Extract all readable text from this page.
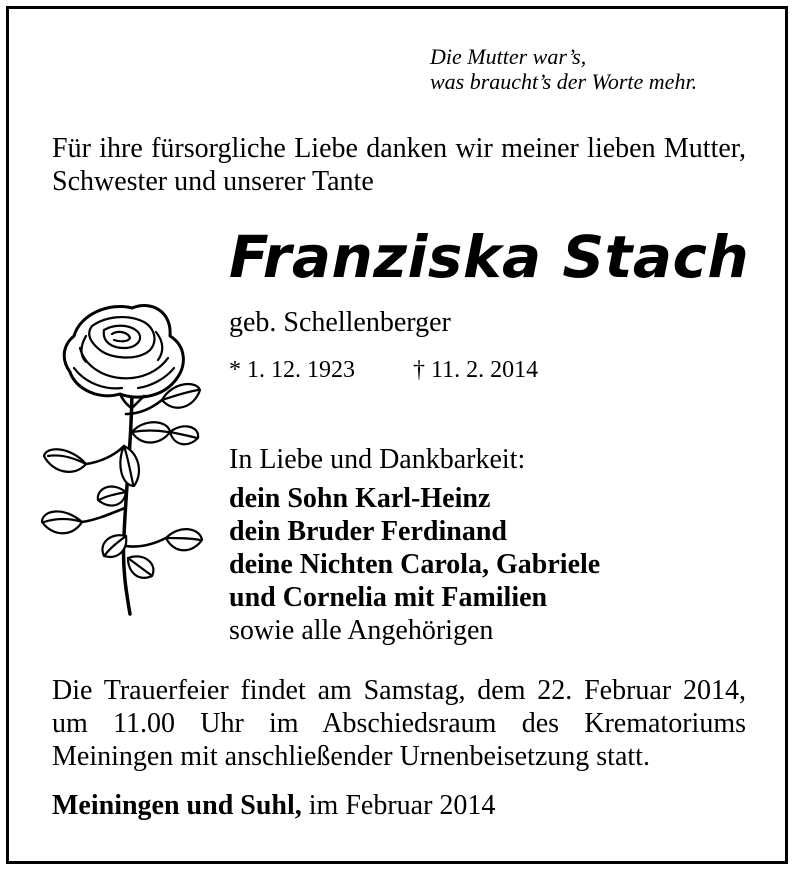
Die Mutter war’s,
was braucht’s der Worte mehr.
Für ihre fürsorgliche Liebe danken wir meiner lieben Mutter, Schwester und unserer Tante
Franziska Stach
geb. Schellenberger
* 1. 12. 1923 † 11. 2. 2014
In Liebe und Dankbarkeit:
dein Sohn Karl-Heinz
dein Bruder Ferdinand
deine Nichten Carola, Gabriele
und Cornelia mit Familien
sowie alle Angehörigen
Die Trauerfeier findet am Samstag, dem 22. Februar 2014, um 11.00 Uhr im Abschiedsraum des Krematoriums Meiningen mit anschließender Urnenbeisetzung statt.
Meiningen und Suhl, im Februar 2014
